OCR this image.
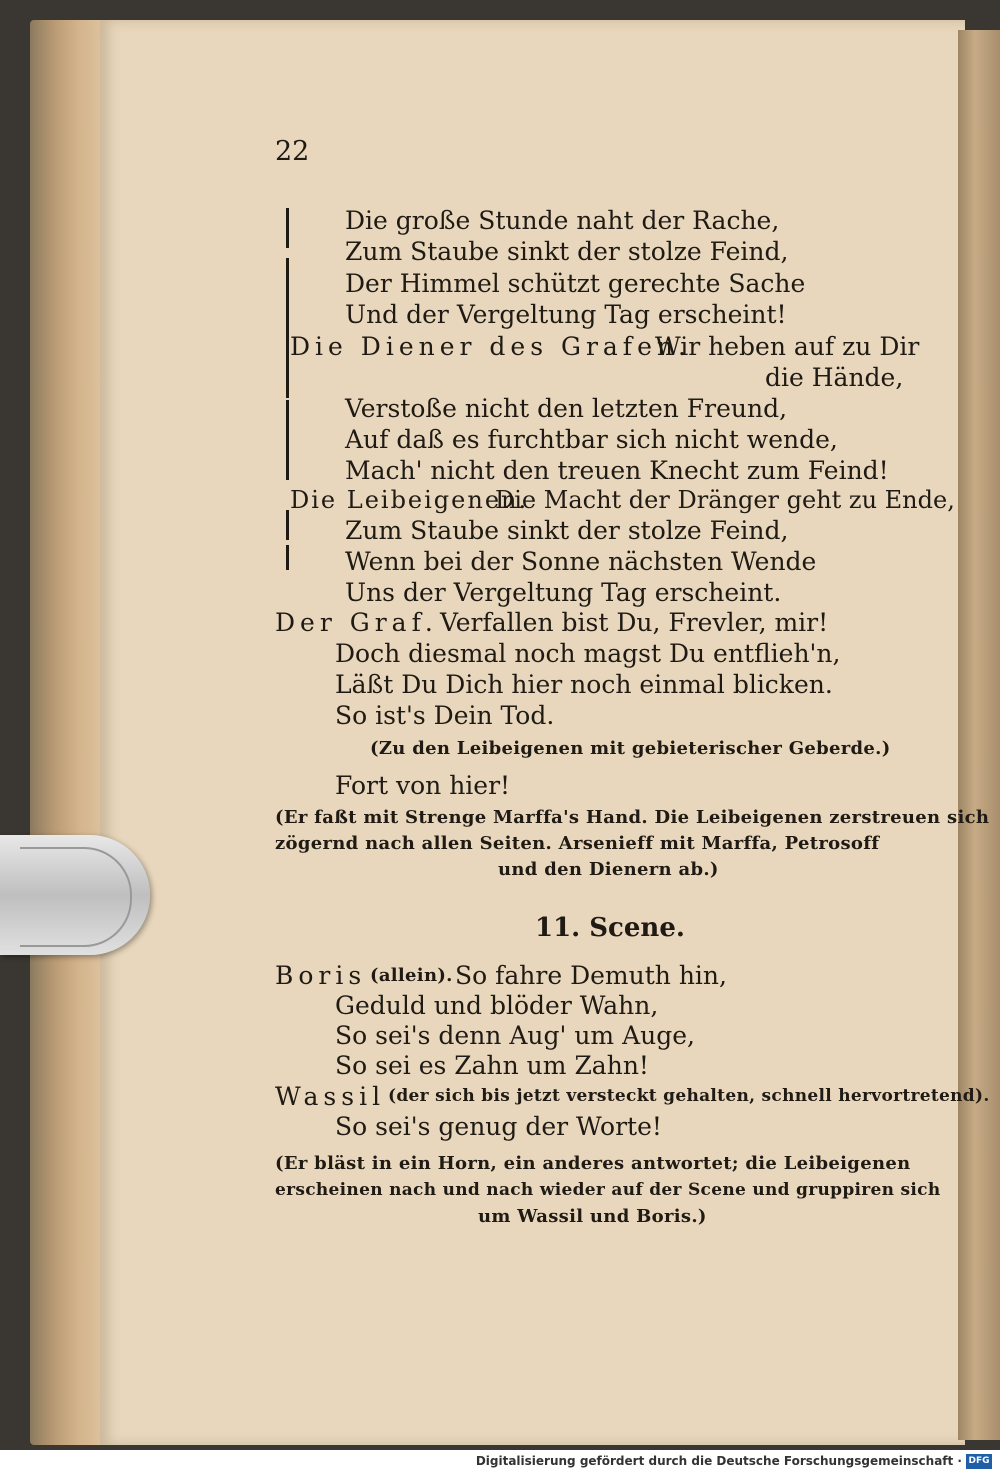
22
Die große Stunde naht der Rache,
Zum Staube sinkt der stolze Feind,
Der Himmel schützt gerechte Sache
Und der Vergeltung Tag erscheint!
Die Diener des Grafen.
Wir heben auf zu Dir
die Hände,
Verstoße nicht den letzten Freund,
Auf daß es furchtbar sich nicht wende,
Mach' nicht den treuen Knecht zum Feind!
Die Leibeigenen.
Die Macht der Dränger geht zu Ende,
Zum Staube sinkt der stolze Feind,
Wenn bei der Sonne nächsten Wende
Uns der Vergeltung Tag erscheint.
Der Graf. Verfallen bist Du, Frevler, mir!
Doch diesmal noch magst Du entflieh'n,
Läßt Du Dich hier noch einmal blicken.
So ist's Dein Tod.
(Zu den Leibeigenen mit gebieterischer Geberde.)
Fort von hier!
(Er faßt mit Strenge Marffa's Hand. Die Leibeigenen zerstreuen sich
zögernd nach allen Seiten. Arsenieff mit Marffa, Petrosoff
und den Dienern ab.)
11. Scene.
Boris (allein). So fahre Demuth hin,
Geduld und blöder Wahn,
So sei's denn Aug' um Auge,
So sei es Zahn um Zahn!
Wassil (der sich bis jetzt versteckt gehalten, schnell hervortretend).
So sei's genug der Worte!
(Er bläst in ein Horn, ein anderes antwortet; die Leibeigenen
erscheinen nach und nach wieder auf der Scene und gruppiren sich
um Wassil und Boris.)
Digitalisierung gefördert durch die Deutsche Forschungsgemeinschaft · DFG
